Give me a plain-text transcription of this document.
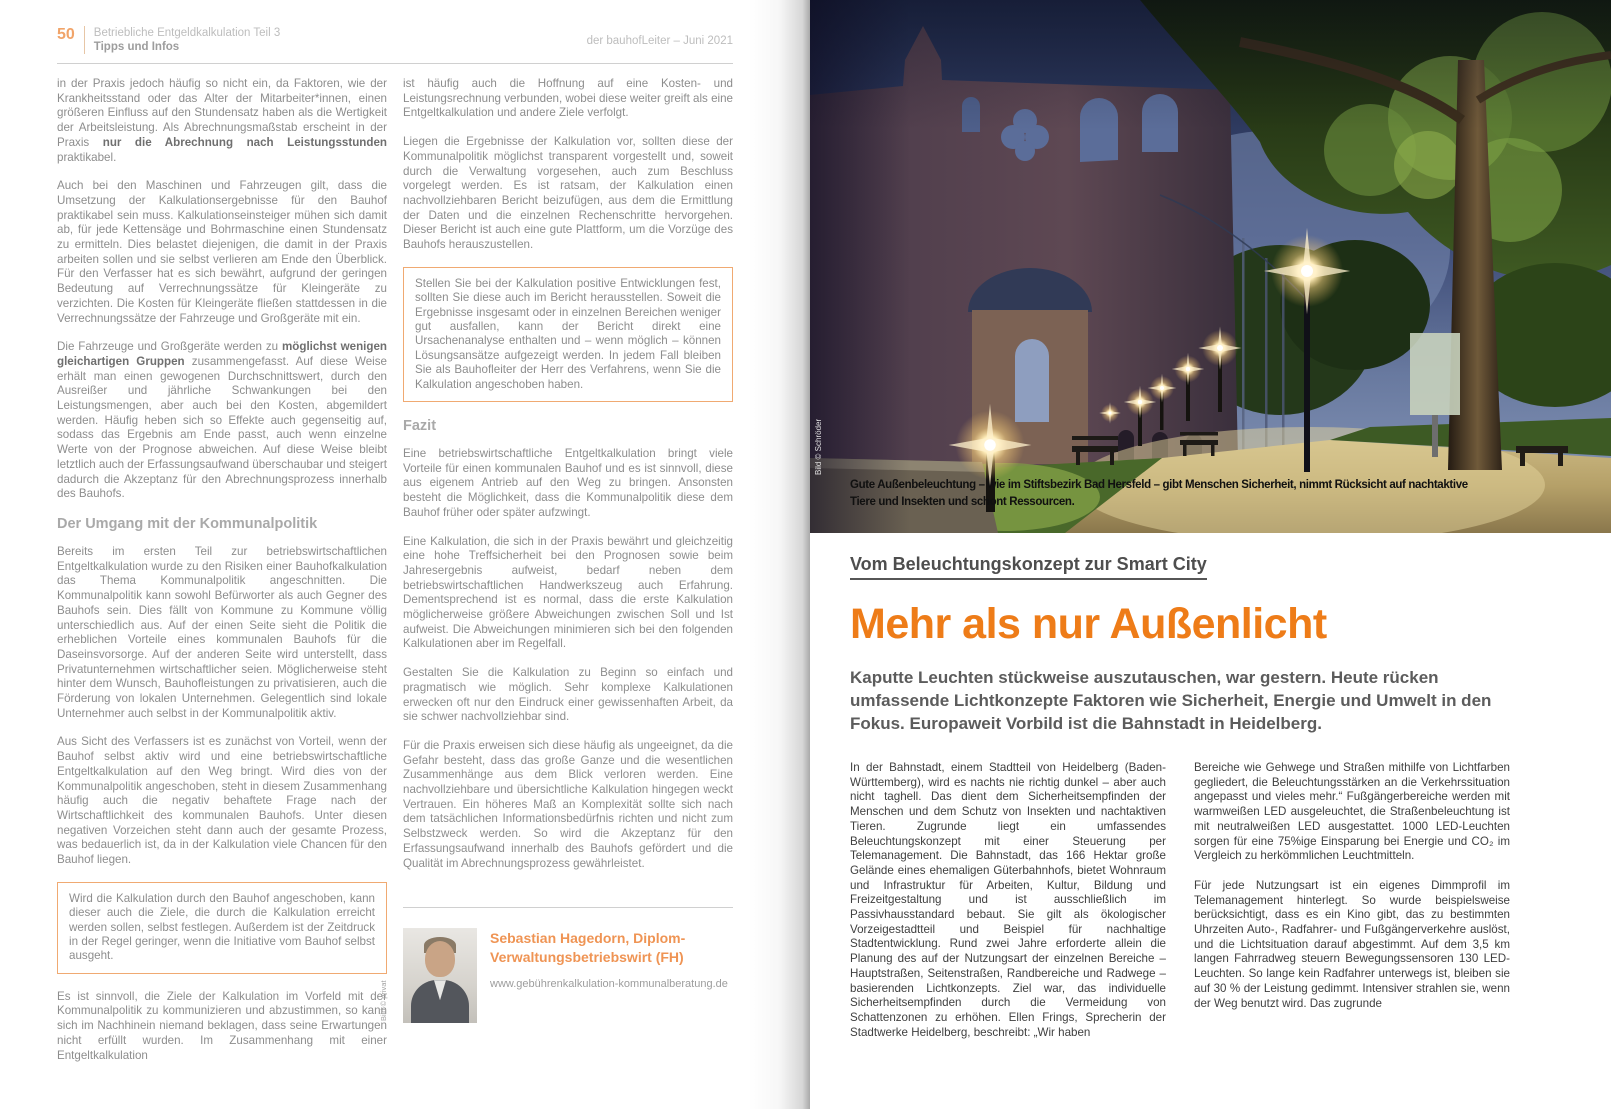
50 Betriebliche Entgeldkalkulation Teil 3
Tipps und Infos	der bauhofLeiter – Juni 2021

in der Praxis jedoch häufig so nicht ein, da Faktoren, wie der Krankheitsstand oder das Alter der Mitarbeiter*innen, einen größeren Einfluss auf den Stundensatz haben als die Wertigkeit der Arbeitsleistung. Als Abrechnungsmaßstab erscheint in der Praxis nur die Abrechnung nach Leistungsstunden praktikabel.

Auch bei den Maschinen und Fahrzeugen gilt, dass die Umsetzung der Kalkulationsergebnisse für den Bauhof praktikabel sein muss. Kalkulationseinsteiger mühen sich damit ab, für jede Kettensäge und Bohrmaschine einen Stundensatz zu ermitteln. Dies belastet diejenigen, die damit in der Praxis arbeiten sollen und sie selbst verlieren am Ende den Überblick. Für den Verfasser hat es sich bewährt, aufgrund der geringen Bedeutung auf Verrechnungssätze für Kleingeräte zu verzichten. Die Kosten für Kleingeräte fließen stattdessen in die Verrechnungssätze der Fahrzeuge und Großgeräte mit ein.

Die Fahrzeuge und Großgeräte werden zu möglichst wenigen gleichartigen Gruppen zusammengefasst. Auf diese Weise erhält man einen gewogenen Durchschnittswert, durch den Ausreißer und jährliche Schwankungen bei den Leistungsmengen, aber auch bei den Kosten, abgemildert werden. Häufig heben sich so Effekte auch gegenseitig auf, sodass das Ergebnis am Ende passt, auch wenn einzelne Werte von der Prognose abweichen. Auf diese Weise bleibt letztlich auch der Erfassungsaufwand überschaubar und steigert dadurch die Akzeptanz für den Abrechnungsprozess innerhalb des Bauhofs.

Der Umgang mit der Kommunalpolitik

Bereits im ersten Teil zur betriebswirtschaftlichen Entgeltkalkulation wurde zu den Risiken einer Bauhofkalkulation das Thema Kommunalpolitik angeschnitten. Die Kommunalpolitik kann sowohl Befürworter als auch Gegner des Bauhofs sein. Dies fällt von Kommune zu Kommune völlig unterschiedlich aus. Auf der einen Seite sieht die Politik die erheblichen Vorteile eines kommunalen Bauhofs für die Daseinsvorsorge. Auf der anderen Seite wird unterstellt, dass Privatunternehmen wirtschaftlicher seien. Möglicherweise steht hinter dem Wunsch, Bauhofleistungen zu privatisieren, auch die Förderung von lokalen Unternehmen. Gelegentlich sind lokale Unternehmer auch selbst in der Kommunalpolitik aktiv.

Aus Sicht des Verfassers ist es zunächst von Vorteil, wenn der Bauhof selbst aktiv wird und eine betriebswirtschaftliche Entgeltkalkulation auf den Weg bringt. Wird dies von der Kommunalpolitik angeschoben, steht in diesem Zusammenhang häufig auch die negativ behaftete Frage nach der Wirtschaftlichkeit des kommunalen Bauhofs. Unter diesen negativen Vorzeichen steht dann auch der gesamte Prozess, was bedauerlich ist, da in der Kalkulation viele Chancen für den Bauhof liegen.

Wird die Kalkulation durch den Bauhof angeschoben, kann dieser auch die Ziele, die durch die Kalkulation erreicht werden sollen, selbst festlegen. Außerdem ist der Zeitdruck in der Regel geringer, wenn die Initiative vom Bauhof selbst ausgeht.

Es ist sinnvoll, die Ziele der Kalkulation im Vorfeld mit der Kommunalpolitik zu kommunizieren und abzustimmen, so kann sich im Nachhinein niemand beklagen, dass seine Erwartungen nicht erfüllt wurden. Im Zusammenhang mit einer Entgeltkalkulation

ist häufig auch die Hoffnung auf eine Kosten- und Leistungsrechnung verbunden, wobei diese weiter greift als eine Entgeltkalkulation und andere Ziele verfolgt.

Liegen die Ergebnisse der Kalkulation vor, sollten diese der Kommunalpolitik möglichst transparent vorgestellt und, soweit durch die Verwaltung vorgesehen, auch zum Beschluss vorgelegt werden. Es ist ratsam, der Kalkulation einen nachvollziehbaren Bericht beizufügen, aus dem die Ermittlung der Daten und die einzelnen Rechenschritte hervorgehen. Dieser Bericht ist auch eine gute Plattform, um die Vorzüge des Bauhofs herauszustellen.

Stellen Sie bei der Kalkulation positive Entwicklungen fest, sollten Sie diese auch im Bericht herausstellen. Soweit die Ergebnisse insgesamt oder in einzelnen Bereichen weniger gut ausfallen, kann der Bericht direkt eine Ursachenanalyse enthalten und – wenn möglich – können Lösungsansätze aufgezeigt werden. In jedem Fall bleiben Sie als Bauhofleiter der Herr des Verfahrens, wenn Sie die Kalkulation angeschoben haben.

Fazit

Eine betriebswirtschaftliche Entgeltkalkulation bringt viele Vorteile für einen kommunalen Bauhof und es ist sinnvoll, diese aus eigenem Antrieb auf den Weg zu bringen. Ansonsten besteht die Möglichkeit, dass die Kommunalpolitik diese dem Bauhof früher oder später aufzwingt.

Eine Kalkulation, die sich in der Praxis bewährt und gleichzeitig eine hohe Treffsicherheit bei den Prognosen sowie beim Jahresergebnis aufweist, bedarf neben dem betriebswirtschaftlichen Handwerkszeug auch Erfahrung. Dementsprechend ist es normal, dass die erste Kalkulation möglicherweise größere Abweichungen zwischen Soll und Ist aufweist. Die Abweichungen minimieren sich bei den folgenden Kalkulationen aber im Regelfall.

Gestalten Sie die Kalkulation zu Beginn so einfach und pragmatisch wie möglich. Sehr komplexe Kalkulationen erwecken oft nur den Eindruck einer gewissenhaften Arbeit, da sie schwer nachvollziehbar sind.

Für die Praxis erweisen sich diese häufig als ungeeignet, da die Gefahr besteht, dass das große Ganze und die wesentlichen Zusammenhänge aus dem Blick verloren werden. Eine nachvollziehbare und übersichtliche Kalkulation hingegen weckt Vertrauen. Ein höheres Maß an Komplexität sollte sich nach dem tatsächlichen Informationsbedürfnis richten und nicht zum Selbstzweck werden. So wird die Akzeptanz für den Erfassungsaufwand innerhalb des Bauhofs gefördert und die Qualität im Abrechnungsprozess gewährleistet.

Bild © privat
Sebastian Hagedorn, Diplom-Verwaltungsbetriebswirt (FH)
www.gebührenkalkulation-kommunalberatung.de
Gute Außenbeleuchtung – wie im Stiftsbezirk Bad Hersfeld – gibt Menschen Sicherheit, nimmt Rücksicht auf nachtaktive Tiere und Insekten und schont Ressourcen.
Bild © Schröder
Vom Beleuchtungskonzept zur Smart City
Mehr als nur Außenlicht

Kaputte Leuchten stückweise auszutauschen, war gestern. Heute rücken umfassende Lichtkonzepte Faktoren wie Sicherheit, Energie und Umwelt in den Fokus. Europaweit Vorbild ist die Bahnstadt in Heidelberg.

In der Bahnstadt, einem Stadtteil von Heidelberg (Baden-Württemberg), wird es nachts nie richtig dunkel – aber auch nicht taghell. Das dient dem Sicherheitsempfinden der Menschen und dem Schutz von Insekten und nachtaktiven Tieren. Zugrunde liegt ein umfassendes Beleuchtungskonzept mit einer Steuerung per Telemanagement. Die Bahnstadt, das 166 Hektar große Gelände eines ehemaligen Güterbahnhofs, bietet Wohnraum und Infrastruktur für Arbeiten, Kultur, Bildung und Freizeitgestaltung und ist ausschließlich im Passivhausstandard bebaut. Sie gilt als ökologischer Vorzeigestadtteil und Beispiel für nachhaltige Stadtentwicklung. Rund zwei Jahre erforderte allein die Planung des auf der Nutzungsart der einzelnen Bereiche – Hauptstraßen, Seitenstraßen, Randbereiche und Radwege – basierenden Lichtkonzepts. Ziel war, das individuelle Sicherheitsempfinden durch die Vermeidung von Schattenzonen zu erhöhen. Ellen Frings, Sprecherin der Stadtwerke Heidelberg, beschreibt: „Wir haben

Bereiche wie Gehwege und Straßen mithilfe von Lichtfarben gegliedert, die Beleuchtungsstärken an die Verkehrssituation angepasst und vieles mehr.“ Fußgängerbereiche werden mit warmweißen LED ausgeleuchtet, die Straßenbeleuchtung ist mit neutralweißen LED ausgestattet. 1000 LED-Leuchten sorgen für eine 75%ige Einsparung bei Energie und CO₂ im Vergleich zu herkömmlichen Leuchtmitteln.

Für jede Nutzungsart ist ein eigenes Dimmprofil im Telemanagement hinterlegt. So wurde beispielsweise berücksichtigt, dass es ein Kino gibt, das zu bestimmten Uhrzeiten Auto-, Radfahrer- und Fußgängerverkehre auslöst, und die Lichtsituation darauf abgestimmt. Auf dem 3,5 km langen Fahrradweg steuern Bewegungssensoren 130 LED-Leuchten. So lange kein Radfahrer unterwegs ist, bleiben sie auf 30 % der Leistung gedimmt. Intensiver strahlen sie, wenn der Weg benutzt wird. Das zugrunde
